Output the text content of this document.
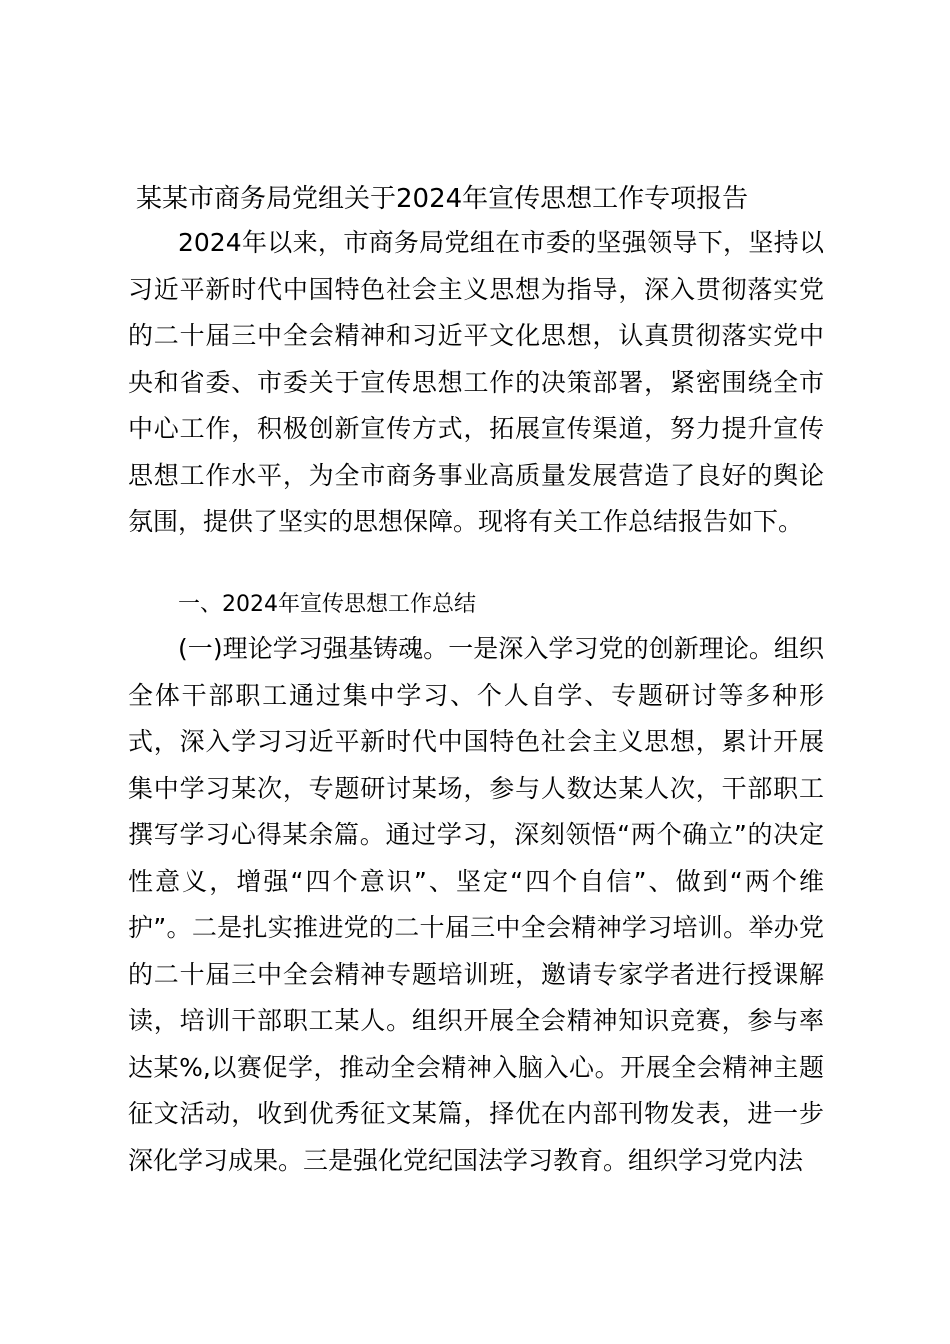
某某市商务局党组关于2024年宣传思想工作专项报告

2024年以来，市商务局党组在市委的坚强领导下，坚持以习近平新时代中国特色社会主义思想为指导，深入贯彻落实党的二十届三中全会精神和习近平文化思想，认真贯彻落实党中央和省委、市委关于宣传思想工作的决策部署，紧密围绕全市中心工作，积极创新宣传方式，拓展宣传渠道，努力提升宣传思想工作水平，为全市商务事业高质量发展营造了良好的舆论氛围，提供了坚实的思想保障。现将有关工作总结报告如下。

一、2024年宣传思想工作总结

(一)理论学习强基铸魂。一是深入学习党的创新理论。组织全体干部职工通过集中学习、个人自学、专题研讨等多种形式，深入学习习近平新时代中国特色社会主义思想，累计开展集中学习某次，专题研讨某场，参与人数达某人次，干部职工撰写学习心得某余篇。通过学习，深刻领悟“两个确立”的决定性意义，增强“四个意识”、坚定“四个自信”、做到“两个维护”。二是扎实推进党的二十届三中全会精神学习培训。举办党的二十届三中全会精神专题培训班，邀请专家学者进行授课解读，培训干部职工某人。组织开展全会精神知识竞赛，参与率达某%,以赛促学，推动全会精神入脑入心。开展全会精神主题征文活动，收到优秀征文某篇，择优在内部刊物发表，进一步深化学习成果。三是强化党纪国法学习教育。组织学习党内法
